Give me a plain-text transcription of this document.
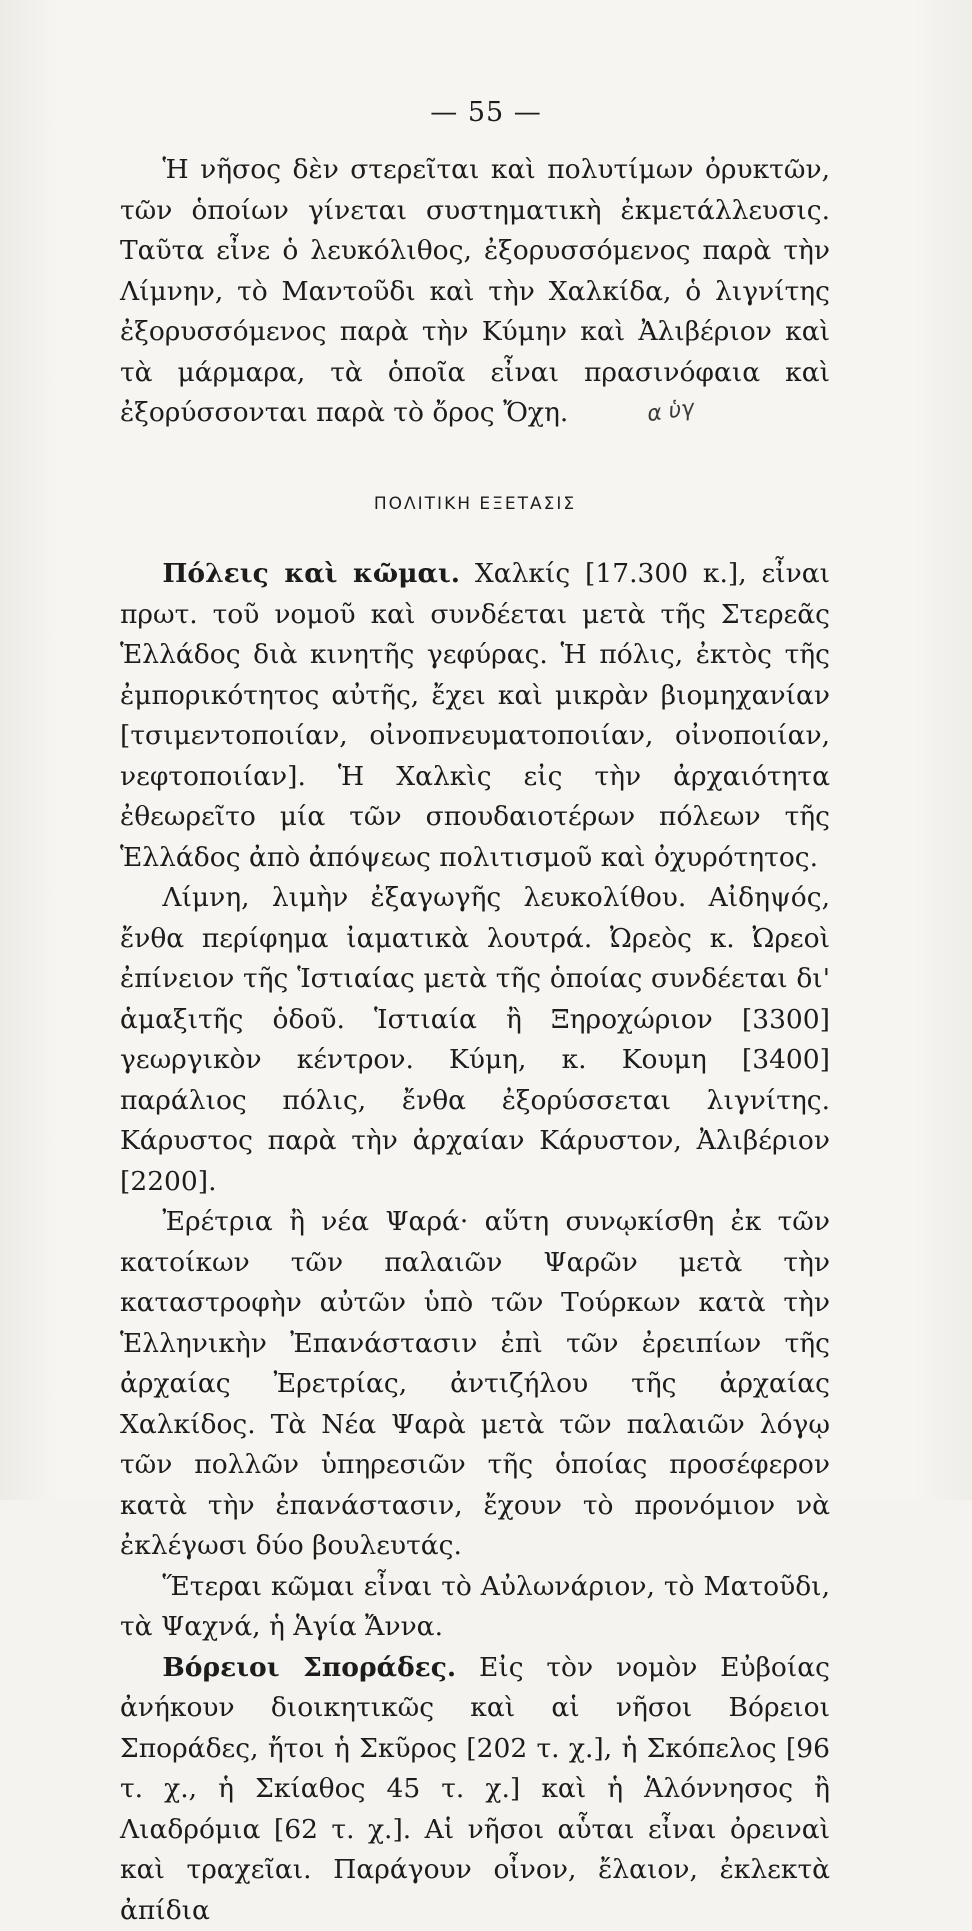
— 55 —

Ἡ νῆσος δὲν στερεῖται καὶ πολυτίμων ὀρυκτῶν, τῶν ὁποίων γίνεται συστηματικὴ ἐκμετάλλευσις. Ταῦτα εἶνε ὁ λευκόλιθος, ἐξορυσσόμενος παρὰ τὴν Λίμνην, τὸ Μαντοῦδι καὶ τὴν Χαλκίδα, ὁ λιγνίτης ἐξορυσσόμενος παρὰ τὴν Κύμην καὶ Ἀλιβέριον καὶ τὰ μάρμαρα, τὰ ὁποῖα εἶναι πρασινόφαια καὶ ἐξορύσσονται παρὰ τὸ ὄρος Ὄχη.	α ὑγ

ΠΟΛΙΤΙΚΗ ΕΞΕΤΑΣΙΣ

Πόλεις καὶ κῶμαι. Χαλκίς [17.300 κ.], εἶναι πρωτ. τοῦ νομοῦ καὶ συνδέεται μετὰ τῆς Στερεᾶς Ἑλλάδος διὰ κινητῆς γεφύρας. Ἡ πόλις, ἐκτὸς τῆς ἐμπορικότητος αὐτῆς, ἔχει καὶ μικρὰν βιομηχανίαν [τσιμεντοποιίαν, οἰνοπνευματοποιίαν, οἰνοποιίαν, νεφτοποιίαν]. Ἡ Χαλκὶς εἰς τὴν ἀρχαιότητα ἐθεωρεῖτο μία τῶν σπουδαιοτέρων πόλεων τῆς Ἑλλάδος ἀπὸ ἀπόψεως πολιτισμοῦ καὶ ὀχυρότητος.

Λίμνη, λιμὴν ἐξαγωγῆς λευκολίθου. Αἰδηψός, ἔνθα περίφημα ἰαματικὰ λουτρά. Ὠρεὸς κ. Ὠρεοὶ ἐπίνειον τῆς Ἱστιαίας μετὰ τῆς ὁποίας συνδέεται δι' ἁμαξιτῆς ὁδοῦ. Ἱστιαία ἢ Ξηροχώριον [3300] γεωργικὸν κέντρον. Κύμη, κ. Κουμη [3400] παράλιος πόλις, ἔνθα ἐξορύσσεται λιγνίτης. Κάρυστος παρὰ τὴν ἀρχαίαν Κάρυστον, Ἀλιβέριον [2200].

Ἐρέτρια ἢ νέα Ψαρά· αὕτη συνῳκίσθη ἐκ τῶν κατοίκων τῶν παλαιῶν Ψαρῶν μετὰ τὴν καταστροφὴν αὐτῶν ὑπὸ τῶν Τούρκων κατὰ τὴν Ἑλληνικὴν Ἐπανάστασιν ἐπὶ τῶν ἐρειπίων τῆς ἀρχαίας Ἐρετρίας, ἀντιζήλου τῆς ἀρχαίας Χαλκίδος. Τὰ Νέα Ψαρὰ μετὰ τῶν παλαιῶν λόγῳ τῶν πολλῶν ὑπηρεσιῶν τῆς ὁποίας προσέφερον κατὰ τὴν ἐπανάστασιν, ἔχουν τὸ προνόμιον νὰ ἐκλέγωσι δύο βουλευτάς.

Ἕτεραι κῶμαι εἶναι τὸ Αὐλωνάριον, τὸ Ματοῦδι, τὰ Ψαχνά, ἡ Ἁγία Ἄννα.

Βόρειοι Σποράδες. Εἰς τὸν νομὸν Εὐβοίας ἀνήκουν διοικητικῶς καὶ αἱ νῆσοι Βόρειοι Σποράδες, ἤτοι ἡ Σκῦρος [202 τ. χ.], ἡ Σκόπελος [96 τ. χ., ἡ Σκίαθος 45 τ. χ.] καὶ ἡ Ἁλόννησος ἢ Λιαδρόμια [62 τ. χ.]. Αἱ νῆσοι αὗται εἶναι ὀρειναὶ καὶ τραχεῖαι. Παράγουν οἶνον, ἔλαιον, ἐκλεκτὰ ἀπίδια
